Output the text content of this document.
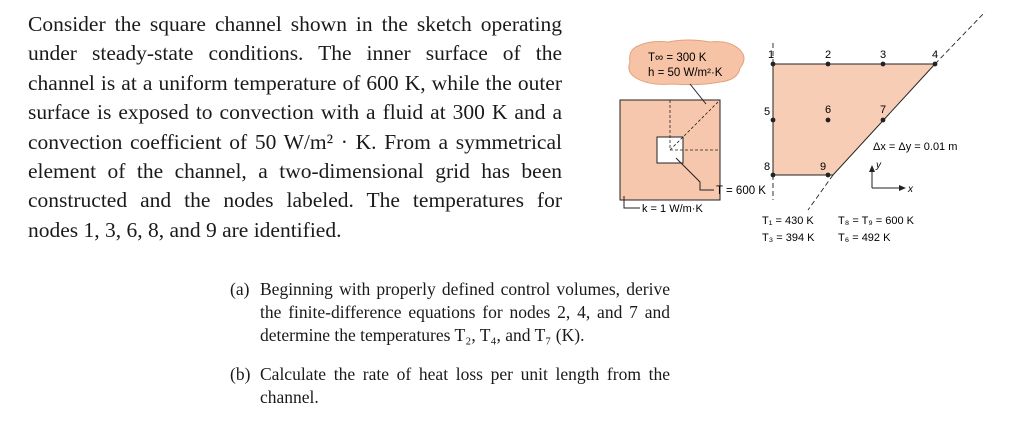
Consider the square channel shown in the sketch operating under steady-state conditions. The inner surface of the channel is at a uniform temperature of 600 K, while the outer surface is exposed to convection with a fluid at 300 K and a convection coefficient of 50 W/m² · K. From a symmetrical element of the channel, a two-dimensional grid has been constructed and the nodes labeled. The temperatures for nodes 1, 3, 6, 8, and 9 are identified.
(a) Beginning with properly defined control volumes, derive the finite-difference equations for nodes 2, 4, and 7 and determine the temperatures T₂, T₄, and T₇ (K).
(b) Calculate the rate of heat loss per unit length from the channel.
T∞ = 300 K
h = 50 W/m²·K
k = 1 W/m·K
T = 600 K
1	2	3	4
5	6	7
8	9
Δx = Δy = 0.01 m
y
x
T₁ = 430 K
T₃ = 394 K
T₈ = T₉ = 600 K
T₆ = 492 K
